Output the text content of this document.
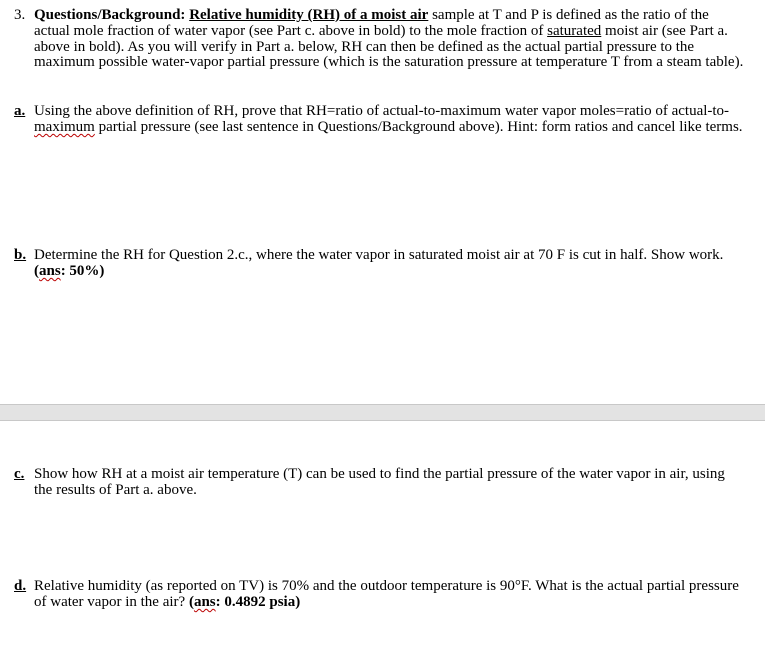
3. Questions/Background: Relative humidity (RH) of a moist air sample at T and P is defined as the ratio of the actual mole fraction of water vapor (see Part c. above in bold) to the mole fraction of saturated moist air (see Part a. above in bold). As you will verify in Part a. below, RH can then be defined as the actual partial pressure to the maximum possible water-vapor partial pressure (which is the saturation pressure at temperature T from a steam table).
a. Using the above definition of RH, prove that RH=ratio of actual-to-maximum water vapor moles=ratio of actual-to-maximum partial pressure (see last sentence in Questions/Background above). Hint: form ratios and cancel like terms.
b. Determine the RH for Question 2.c., where the water vapor in saturated moist air at 70 F is cut in half. Show work. (ans: 50%)
c. Show how RH at a moist air temperature (T) can be used to find the partial pressure of the water vapor in air, using the results of Part a. above.
d. Relative humidity (as reported on TV) is 70% and the outdoor temperature is 90°F. What is the actual partial pressure of water vapor in the air? (ans: 0.4892 psia)
